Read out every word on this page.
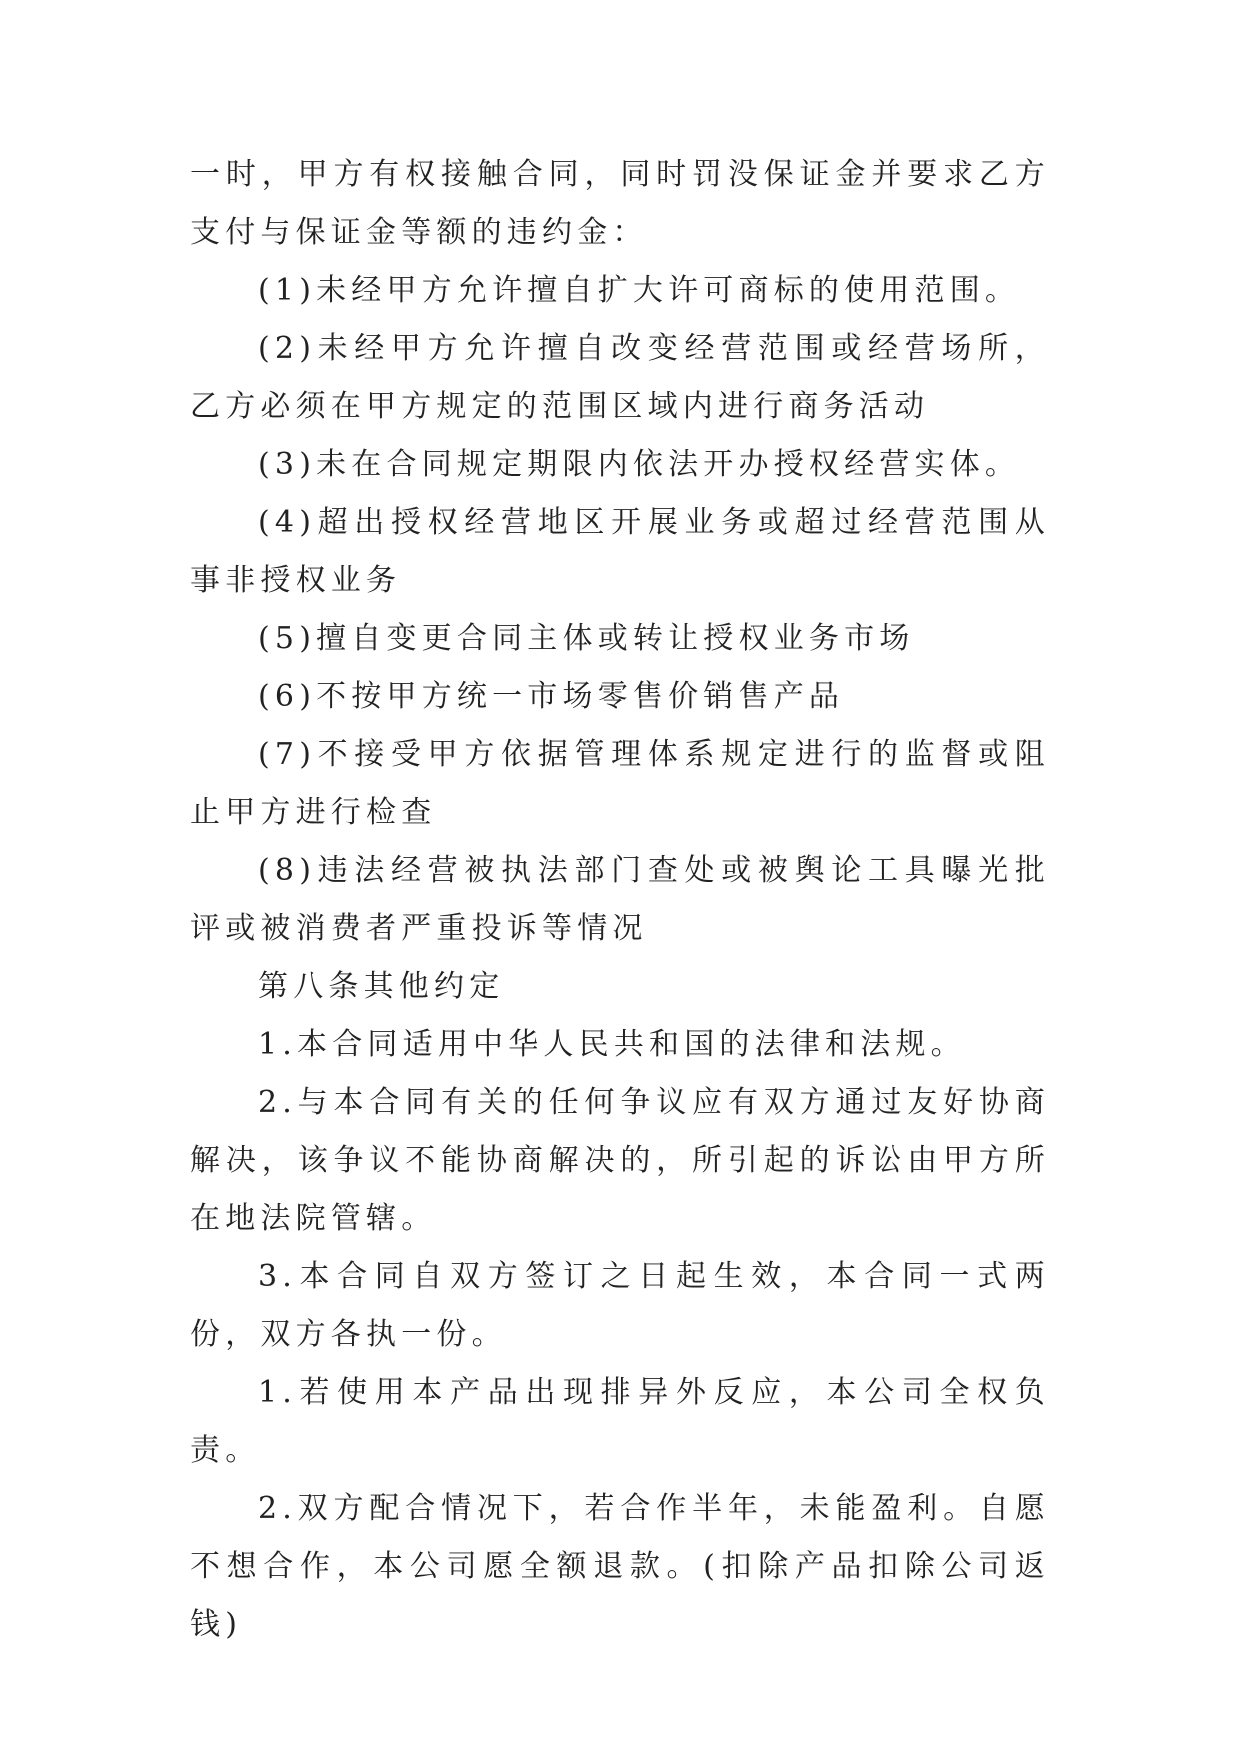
一时，甲方有权接触合同，同时罚没保证金并要求乙方支付与保证金等额的违约金：

(1)未经甲方允许擅自扩大许可商标的使用范围。

(2)未经甲方允许擅自改变经营范围或经营场所，乙方必须在甲方规定的范围区域内进行商务活动

(3)未在合同规定期限内依法开办授权经营实体。

(4)超出授权经营地区开展业务或超过经营范围从事非授权业务

(5)擅自变更合同主体或转让授权业务市场

(6)不按甲方统一市场零售价销售产品

(7)不接受甲方依据管理体系规定进行的监督或阻止甲方进行检查

(8)违法经营被执法部门查处或被舆论工具曝光批评或被消费者严重投诉等情况

第八条其他约定

1.本合同适用中华人民共和国的法律和法规。

2.与本合同有关的任何争议应有双方通过友好协商解决，该争议不能协商解决的，所引起的诉讼由甲方所在地法院管辖。

3.本合同自双方签订之日起生效，本合同一式两份，双方各执一份。

1.若使用本产品出现排异外反应，本公司全权负责。

2.双方配合情况下，若合作半年，未能盈利。自愿不想合作，本公司愿全额退款。(扣除产品扣除公司返钱)
